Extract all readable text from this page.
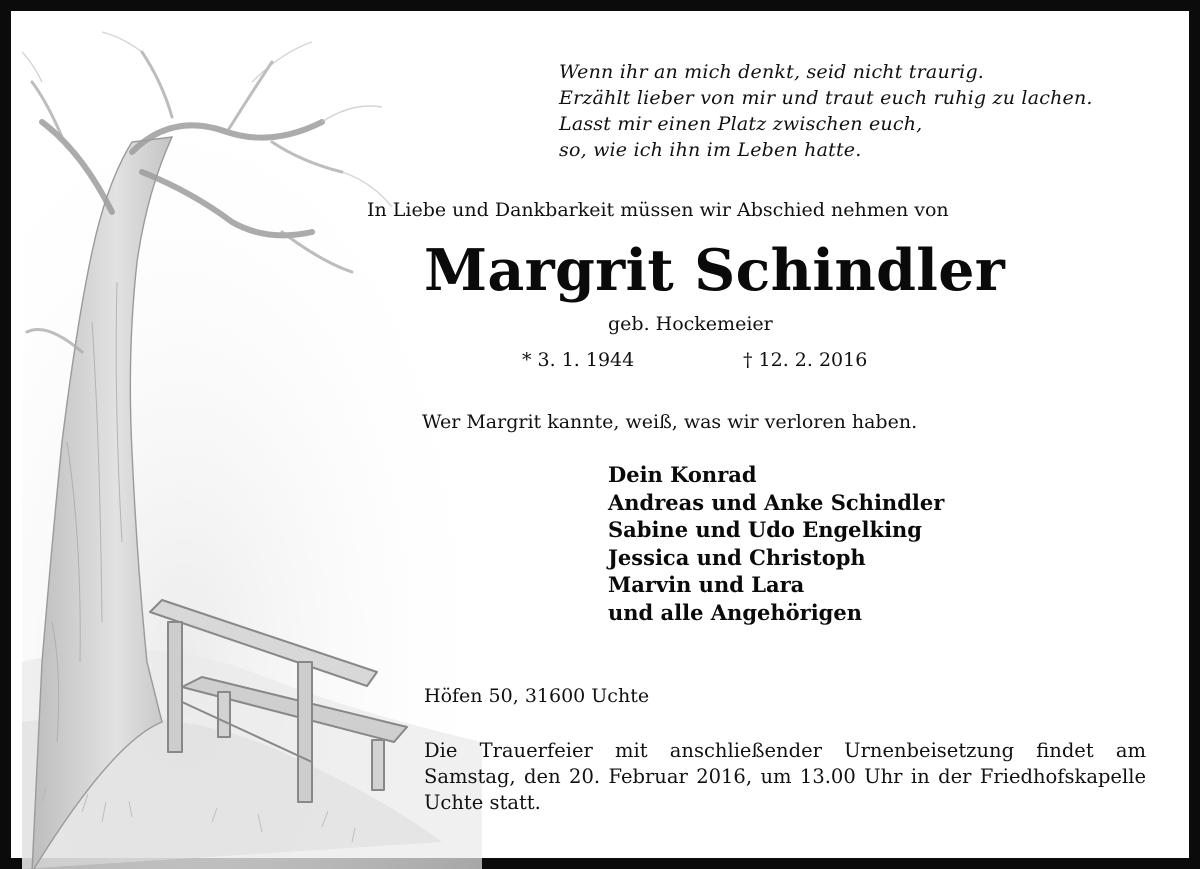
Wenn ihr an mich denkt, seid nicht traurig.
Erzählt lieber von mir und traut euch ruhig zu lachen.
Lasst mir einen Platz zwischen euch,
so, wie ich ihn im Leben hatte.
In Liebe und Dankbarkeit müssen wir Abschied nehmen von
Margrit Schindler
geb. Hockemeier
* 3. 1. 1944	† 12. 2. 2016
Wer Margrit kannte, weiß, was wir verloren haben.
Dein Konrad
Andreas und Anke Schindler
Sabine und Udo Engelking
Jessica und Christoph
Marvin und Lara
und alle Angehörigen
Höfen 50, 31600 Uchte
Die Trauerfeier mit anschließender Urnenbeisetzung findet am Samstag, den 20. Februar 2016, um 13.00 Uhr in der Friedhofskapelle Uchte statt.
